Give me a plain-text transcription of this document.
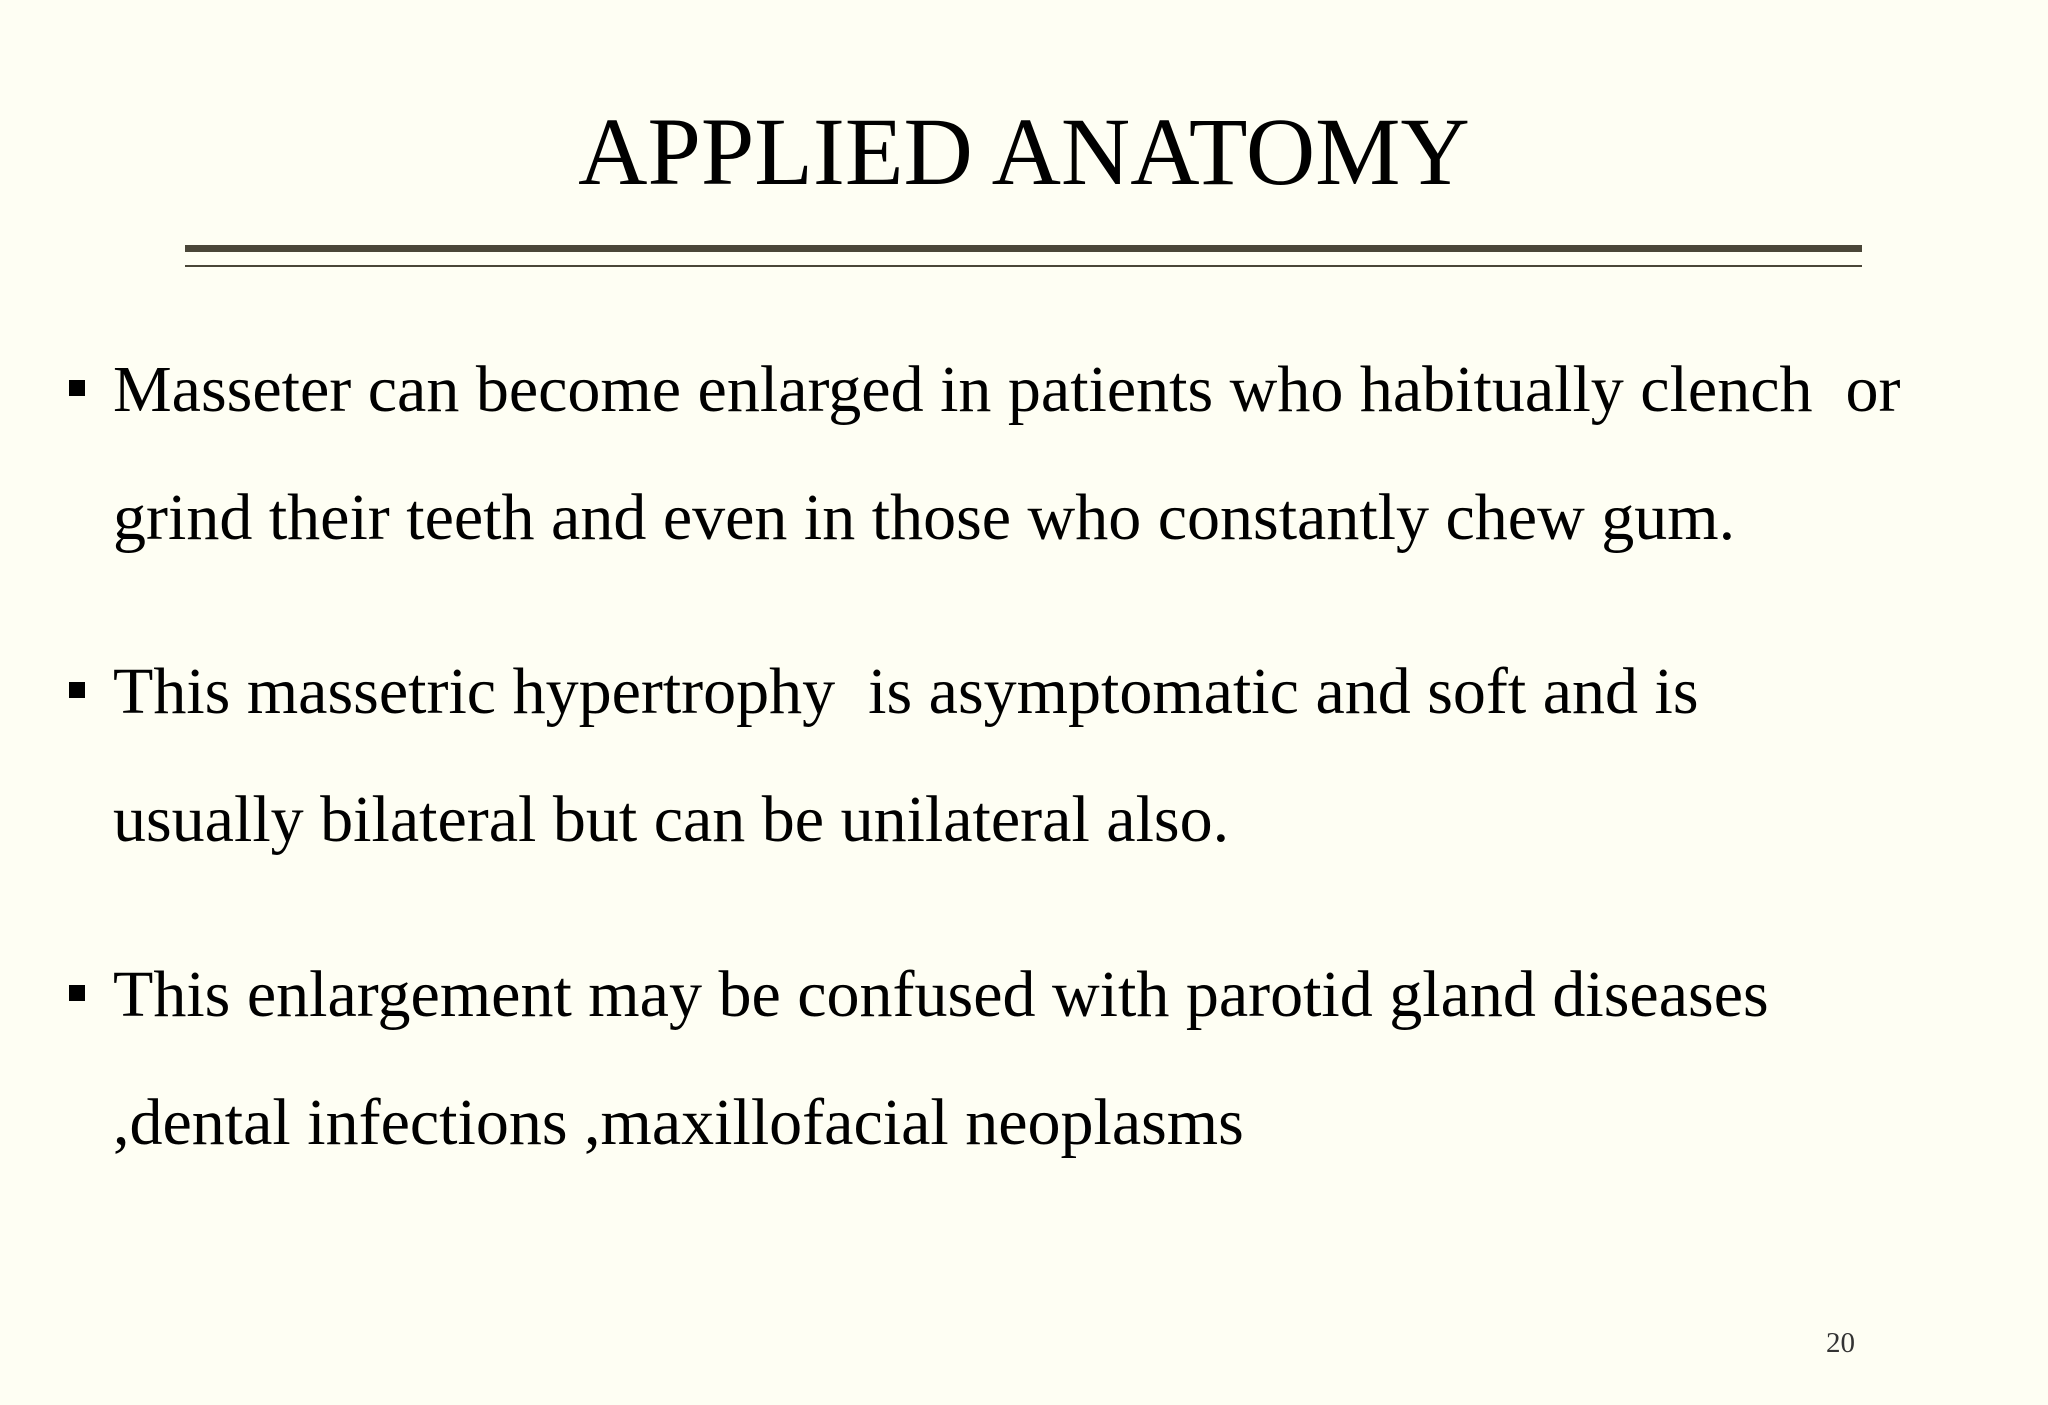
APPLIED ANATOMY
Masseter can become enlarged in patients who habitually clench  or
grind their teeth and even in those who constantly chew gum.
This massetric hypertrophy  is asymptomatic and soft and is
usually bilateral but can be unilateral also.
This enlargement may be confused with parotid gland diseases
,dental infections ,maxillofacial neoplasms
20
